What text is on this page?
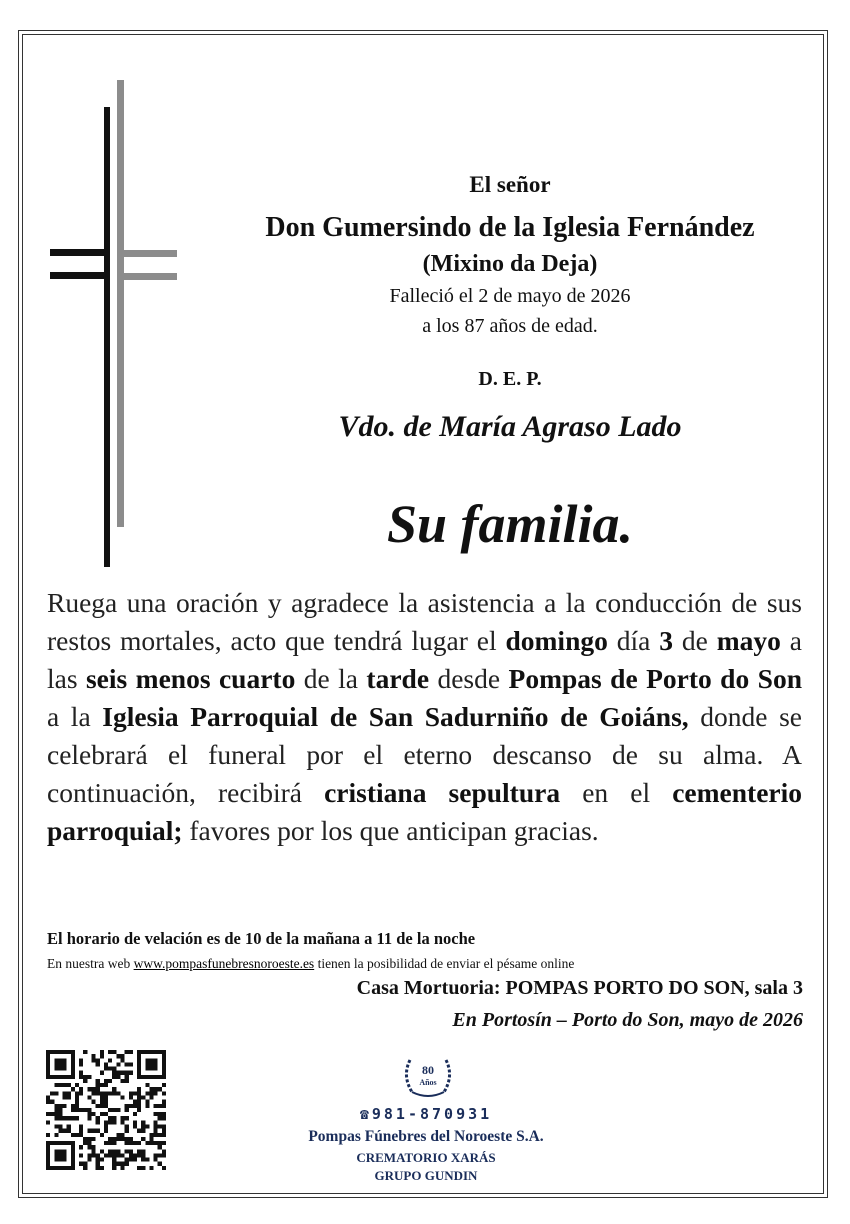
El señor
Don Gumersindo de la Iglesia Fernández
(Mixino da Deja)
Falleció el 2 de mayo de 2026
a los 87 años de edad.
D. E. P.
Vdo. de María Agraso Lado
Su familia.
Ruega una oración y agradece la asistencia a la conducción de sus restos mortales, acto que tendrá lugar el domingo día 3 de mayo a las seis menos cuarto de la tarde desde Pompas de Porto do Son a la Iglesia Parroquial de San Sadurniño de Goiáns, donde se celebrará el funeral por el eterno descanso de su alma. A continuación, recibirá cristiana sepultura en el cementerio parroquial; favores por los que anticipan gracias.
El horario de velación es de 10 de la mañana a 11 de la noche
En nuestra web www.pompasfunebresnoroeste.es tienen la posibilidad de enviar el pésame online
Casa Mortuoria: POMPAS PORTO DO SON, sala 3
En Portosín – Porto do Son, mayo de 2026
80
Años
☎981-870931
Pompas Fúnebres del Noroeste S.A.
CREMATORIO XARÁS
GRUPO GUNDIN
